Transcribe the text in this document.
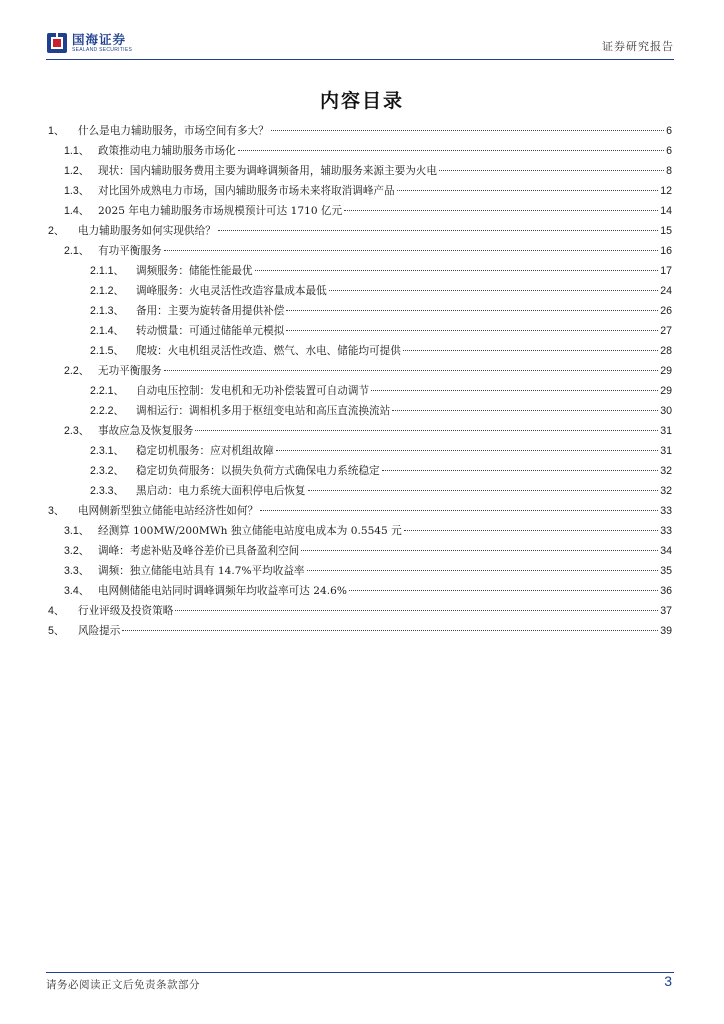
国海证券
SEALAND SECURITIES	证券研究报告
内容目录
1、	什么是电力辅助服务，市场空间有多大？	6
1.1、 政策推动电力辅助服务市场化	6
1.2、 现状：国内辅助服务费用主要为调峰调频备用，辅助服务来源主要为火电	8
1.3、 对比国外成熟电力市场，国内辅助服务市场未来将取消调峰产品	12
1.4、 2025 年电力辅助服务市场规模预计可达 1710 亿元	14
2、	电力辅助服务如何实现供给？	15
2.1、 有功平衡服务	16
2.1.1、	调频服务：储能性能最优	17
2.1.2、	调峰服务：火电灵活性改造容量成本最低	24
2.1.3、	备用：主要为旋转备用提供补偿	26
2.1.4、	转动惯量：可通过储能单元模拟	27
2.1.5、	爬坡：火电机组灵活性改造、燃气、水电、储能均可提供	28
2.2、 无功平衡服务	29
2.2.1、	自动电压控制：发电机和无功补偿装置可自动调节	29
2.2.2、	调相运行：调相机多用于枢纽变电站和高压直流换流站	30
2.3、 事故应急及恢复服务	31
2.3.1、	稳定切机服务：应对机组故障	31
2.3.2、	稳定切负荷服务：以损失负荷方式确保电力系统稳定	32
2.3.3、	黑启动：电力系统大面积停电后恢复	32
3、	电网侧新型独立储能电站经济性如何？	33
3.1、 经测算 100MW/200MWh 独立储能电站度电成本为 0.5545 元	33
3.2、 调峰：考虑补贴及峰谷差价已具备盈利空间	34
3.3、 调频：独立储能电站具有 14.7%平均收益率	35
3.4、 电网侧储能电站同时调峰调频年均收益率可达 24.6%	36
4、	行业评级及投资策略	37
5、	风险提示	39
请务必阅读正文后免责条款部分	3
